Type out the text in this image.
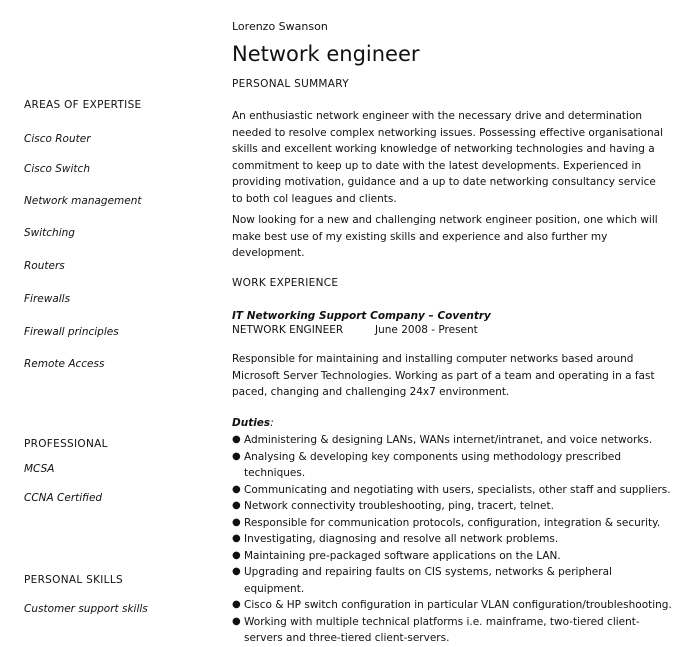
Lorenzo Swanson
Network engineer
AREAS OF EXPERTISE
Cisco Router
Cisco Switch
Network management
Switching
Routers
Firewalls
Firewall principles
Remote Access
PROFESSIONAL
MCSA
CCNA Certified
PERSONAL SKILLS
Customer support skills
PERSONAL SUMMARY
An enthusiastic network engineer with the necessary drive and determination needed to resolve complex networking issues. Possessing effective organisational skills and excellent working knowledge of networking technologies and having a commitment to keep up to date with the latest developments. Experienced in providing motivation, guidance and a up to date networking consultancy service to both col leagues and clients.
Now looking for a new and challenging network engineer position, one which will make best use of my existing skills and experience and also further my development.
WORK EXPERIENCE
IT Networking Support Company – Coventry
NETWORK ENGINEER	June 2008 - Present
Responsible for maintaining and installing computer networks based around Microsoft Server Technologies. Working as part of a team and operating in a fast paced, changing and challenging 24x7 environment.
Duties:
● Administering & designing LANs, WANs internet/intranet, and voice networks.
● Analysing & developing key components using methodology prescribed techniques.
● Communicating and negotiating with users, specialists, other staff and suppliers.
● Network connectivity troubleshooting, ping, tracert, telnet.
● Responsible for communication protocols, configuration, integration & security.
● Investigating, diagnosing and resolve all network problems.
● Maintaining pre-packaged software applications on the LAN.
● Upgrading and repairing faults on CIS systems, networks & peripheral equipment.
● Cisco & HP switch configuration in particular VLAN configuration/troubleshooting.
● Working with multiple technical platforms i.e. mainframe, two-tiered client-servers and three-tiered client-servers.
